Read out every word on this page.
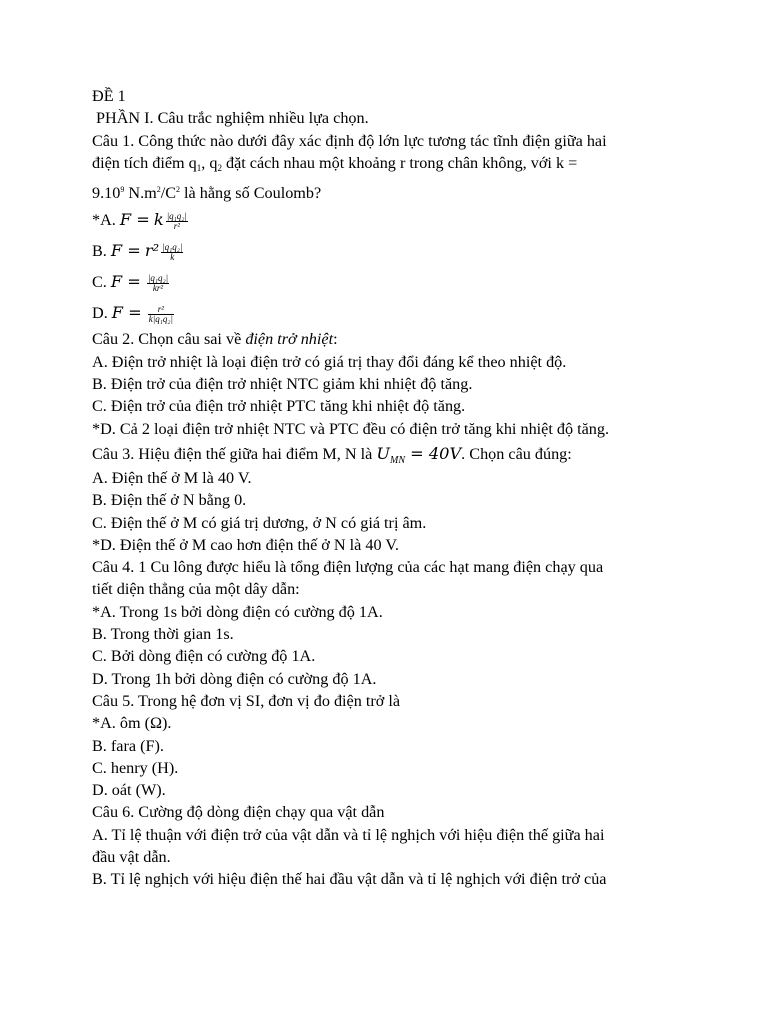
ĐỀ 1
PHẦN I. Câu trắc nghiệm nhiều lựa chọn.
Câu 1. Công thức nào dưới đây xác định độ lớn lực tương tác tĩnh điện giữa hai
điện tích điểm $q_1$, $q_2$ đặt cách nhau một khoảng r trong chân không, với k =
$9.10^9$ $N.m^2/C^2$ là hằng số Coulomb?
*A. F = k $\frac{\text{|q₁q₂|}}{\text{r²}}$
B. $F = r^2 \frac{\text{|q₁q₂|}}{k}$
C. $F = \frac{\text{|q₁q₂|}}{\text{kr²}}$
D. $F = \frac{\text{r²}}{\text{k|q₁q₂|}}$
Câu 2. Chọn câu sai về điện trở nhiệt:
A. Điện trở nhiệt là loại điện trở có giá trị thay đổi đáng kể theo nhiệt độ.
B. Điện trở của điện trở nhiệt NTC giảm khi nhiệt độ tăng.
C. Điện trở của điện trở nhiệt PTC tăng khi nhiệt độ tăng.
*D. Cả 2 loại điện trở nhiệt NTC và PTC đều có điện trở tăng khi nhiệt độ tăng.
Câu 3. Hiệu điện thế giữa hai điểm M, N là $U_{MN} = 40V$. Chọn câu đúng:
A. Điện thế ở M là 40 V.
B. Điện thế ở N bằng 0.
C. Điện thế ở M có giá trị dương, ở N có giá trị âm.
*D. Điện thế ở M cao hơn điện thế ở N là 40 V.
Câu 4. 1 Cu lông được hiểu là tổng điện lượng của các hạt mang điện chạy qua
tiết diện thẳng của một dây dẫn:
*A. Trong 1s bởi dòng điện có cường độ 1A.
B. Trong thời gian 1s.
C. Bởi dòng điện có cường độ 1A.
D. Trong 1h bởi dòng điện có cường độ 1A.
Câu 5. Trong hệ đơn vị SI, đơn vị đo điện trở là
*A. ôm (Ω).
B. fara (F).
C. henry (H).
D. oát (W).
Câu 6. Cường độ dòng điện chạy qua vật dẫn
A. Tỉ lệ thuận với điện trở của vật dẫn và tỉ lệ nghịch với hiệu điện thế giữa hai
đầu vật dẫn.
B. Tỉ lệ nghịch với hiệu điện thế hai đầu vật dẫn và tỉ lệ nghịch với điện trở của
